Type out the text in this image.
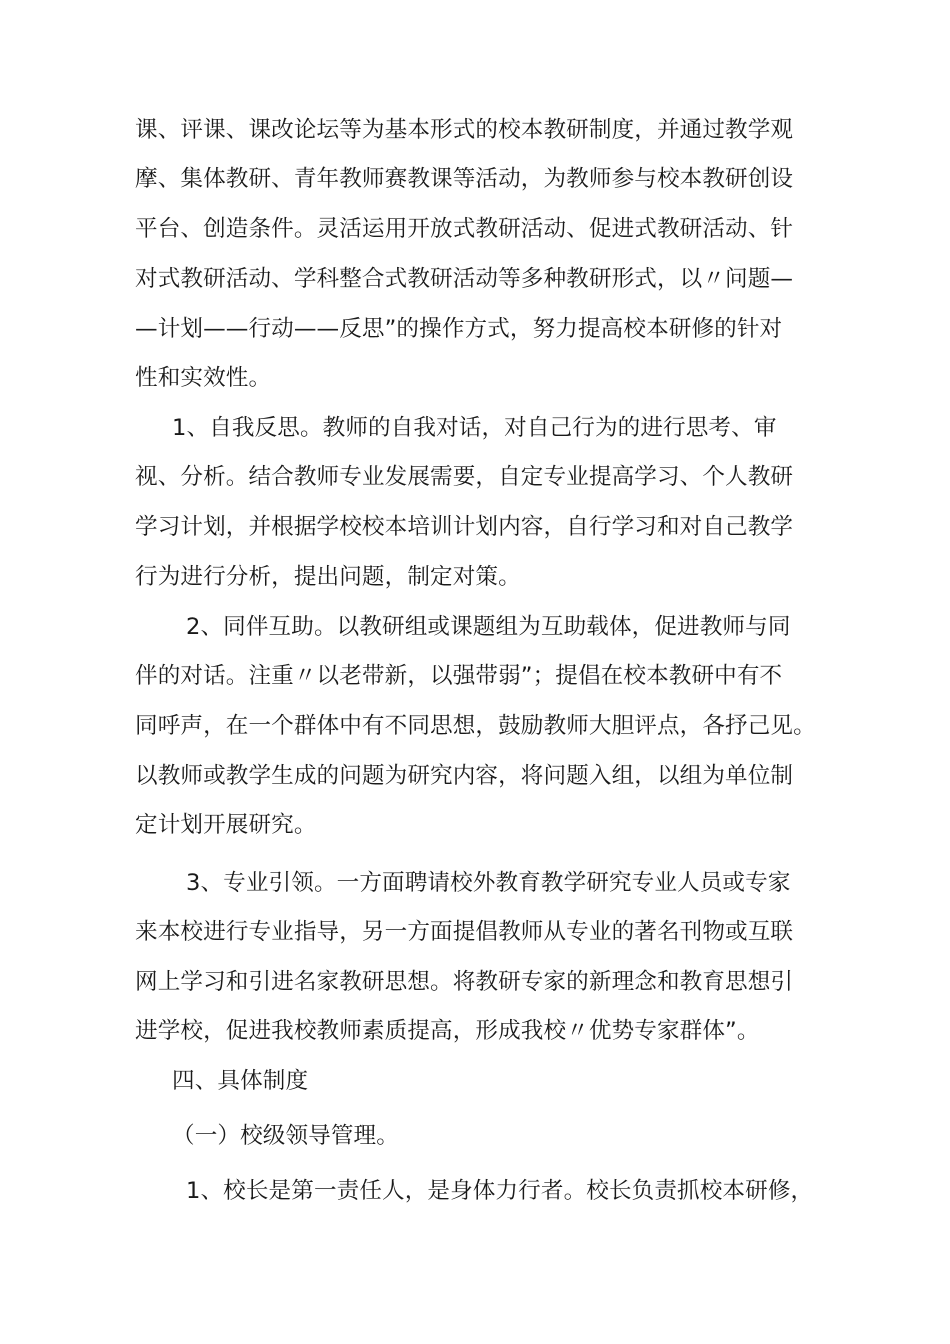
课、评课、课改论坛等为基本形式的校本教研制度，并通过教学观
摩、集体教研、青年教师赛教课等活动，为教师参与校本教研创设
平台、创造条件。灵活运用开放式教研活动、促进式教研活动、针
对式教研活动、学科整合式教研活动等多种教研形式，以〃问题—
—计划——行动——反思”的操作方式，努力提高校本研修的针对
性和实效性。
1、自我反思。教师的自我对话，对自己行为的进行思考、审
视、分析。结合教师专业发展需要，自定专业提高学习、个人教研
学习计划，并根据学校校本培训计划内容，自行学习和对自己教学
行为进行分析，提出问题，制定对策。
2、同伴互助。以教研组或课题组为互助载体，促进教师与同
伴的对话。注重〃以老带新，以强带弱”；提倡在校本教研中有不
同呼声，在一个群体中有不同思想，鼓励教师大胆评点，各抒己见。
以教师或教学生成的问题为研究内容，将问题入组，以组为单位制
定计划开展研究。
3、专业引领。一方面聘请校外教育教学研究专业人员或专家
来本校进行专业指导，另一方面提倡教师从专业的著名刊物或互联
网上学习和引进名家教研思想。将教研专家的新理念和教育思想引
进学校，促进我校教师素质提高，形成我校〃优势专家群体”。
四、具体制度
（一）校级领导管理。
1、校长是第一责任人，是身体力行者。校长负责抓校本研修，
